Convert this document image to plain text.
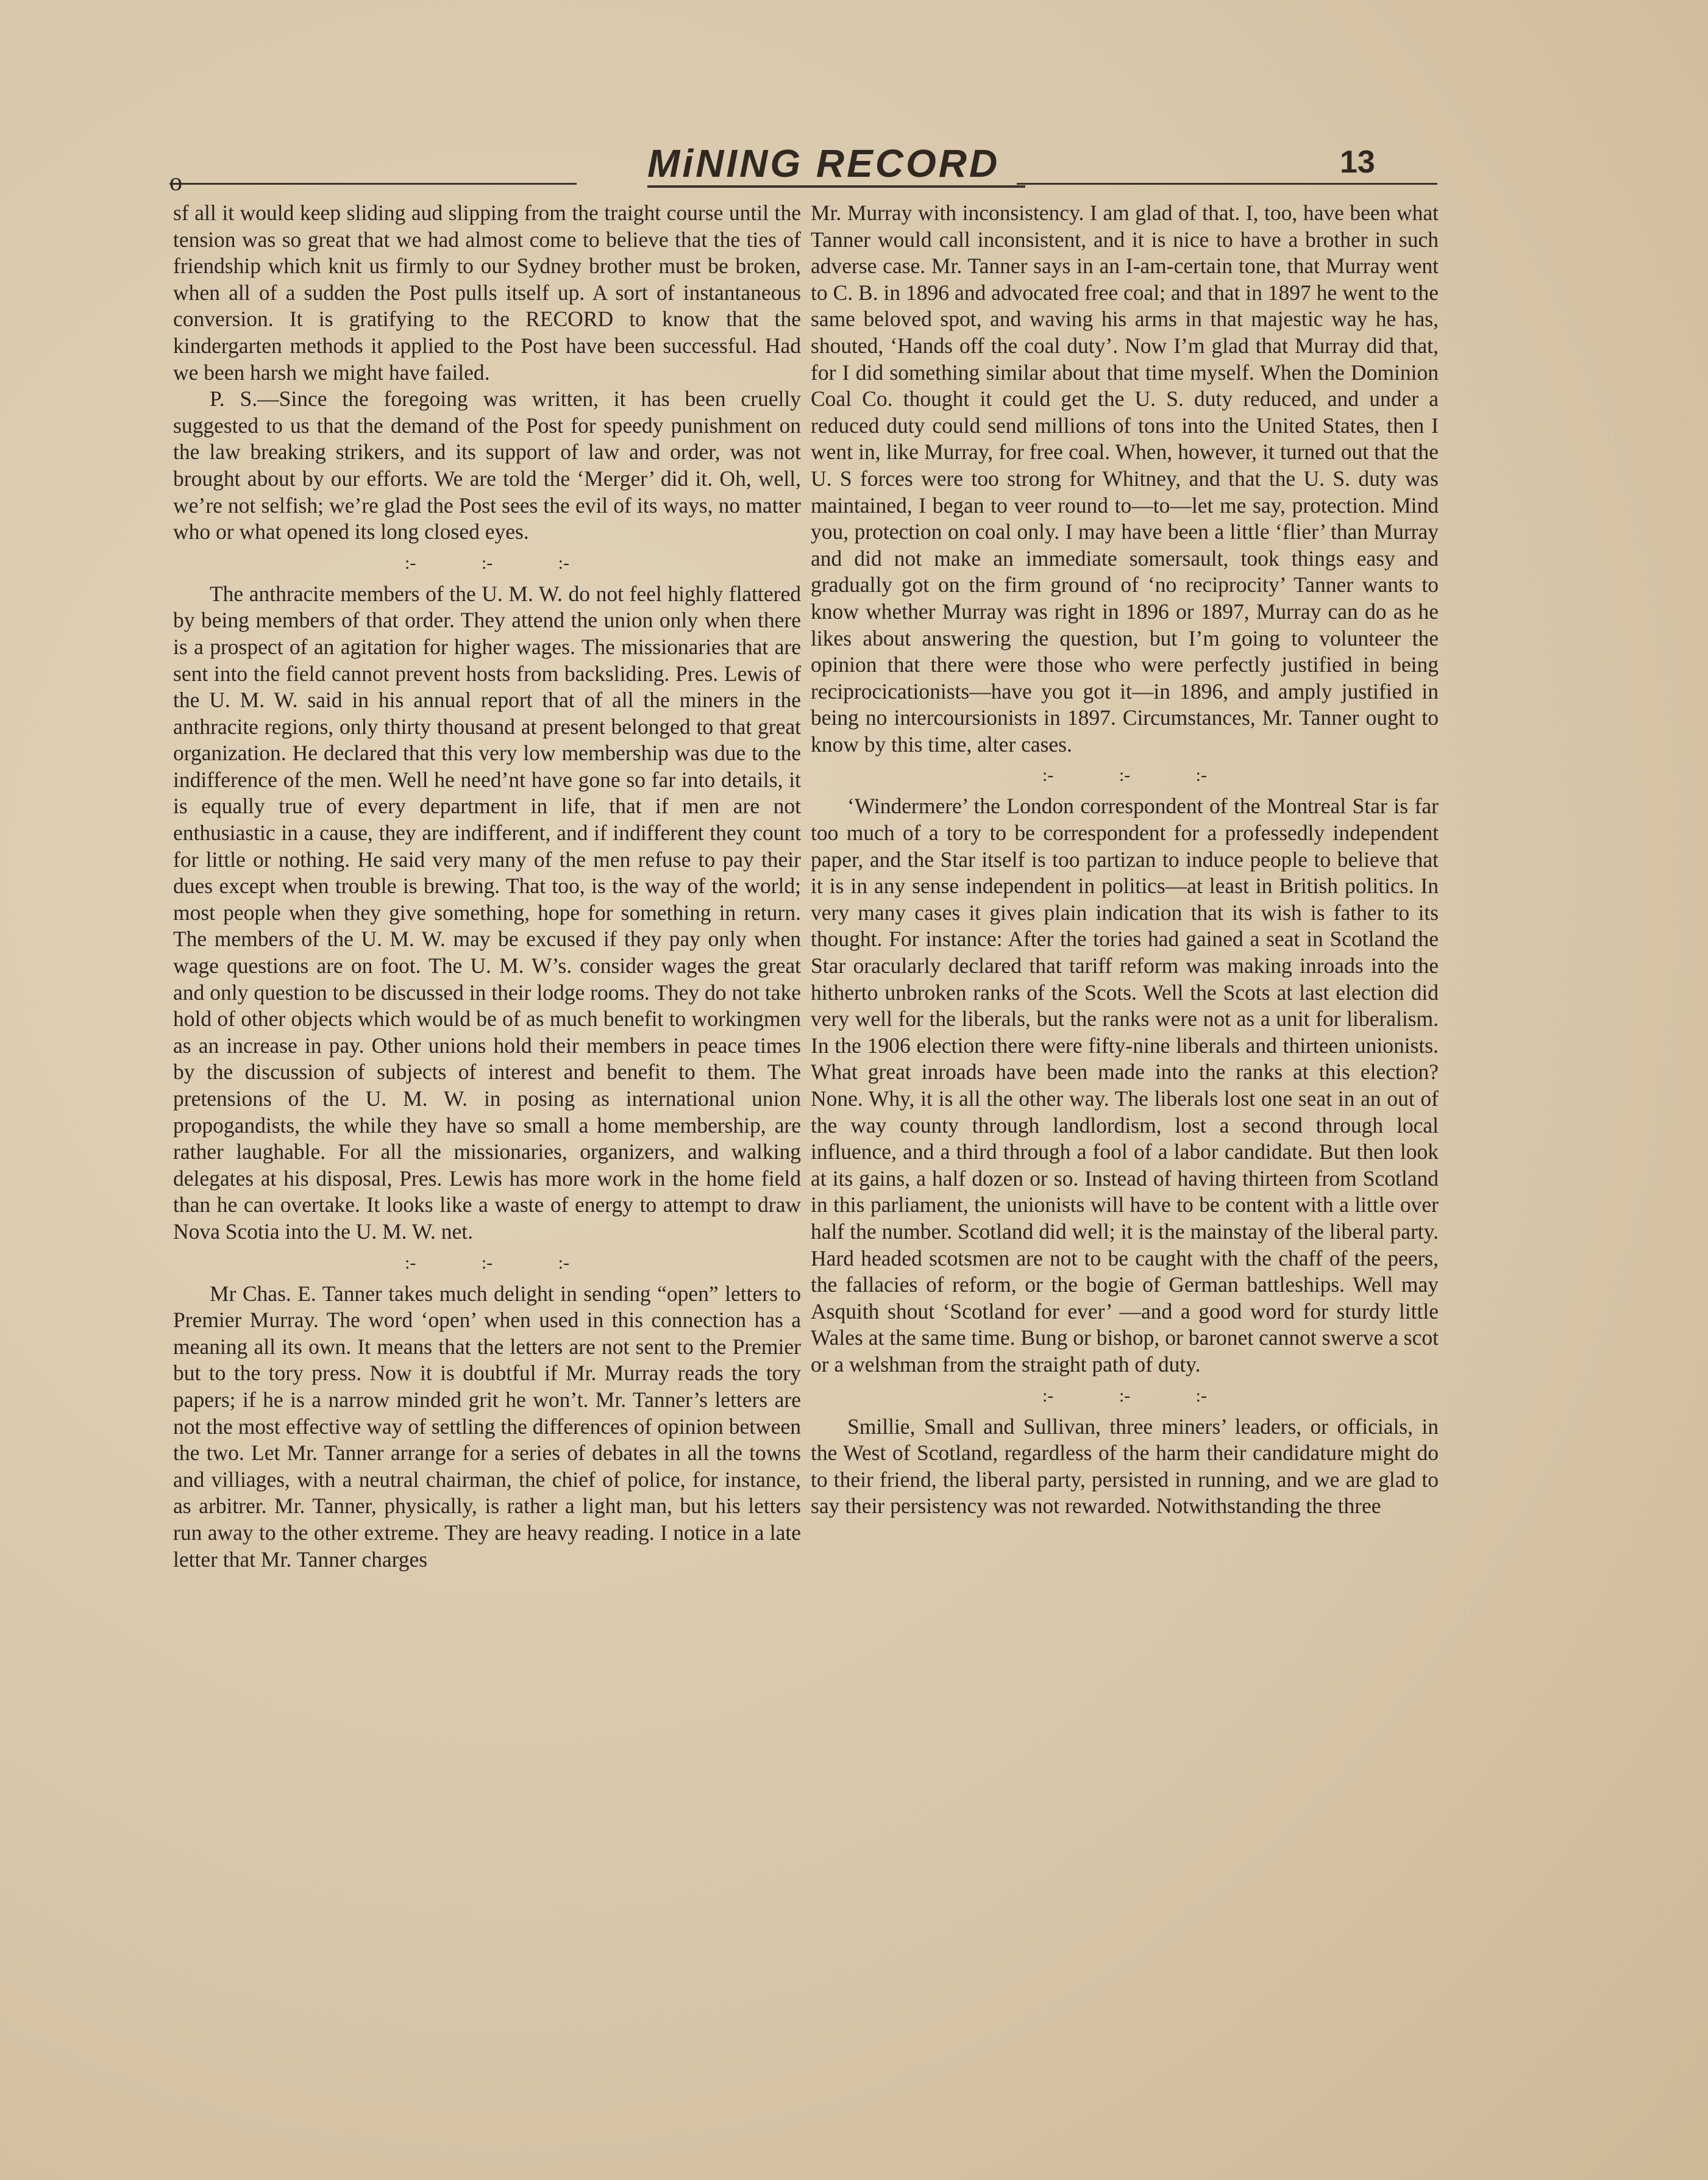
o	MiNING RECORD	13

sf all it would keep sliding aud slipping from the traight course until the tension was so great that we had almost come to believe that the ties of friendship which knit us firmly to our Sydney brother must be broken, when all of a sudden the Post pulls itself up. A sort of instantaneous conversion. It is gratifying to the RECORD to know that the kindergarten methods it applied to the Post have been successful. Had we been harsh we might have failed.

P. S.—Since the foregoing was written, it has been cruelly suggested to us that the demand of the Post for speedy punishment on the law breaking strikers, and its support of law and order, was not brought about by our efforts. We are told the ‘Merger’ did it. Oh, well, we’re not selfish; we’re glad the Post sees the evil of its ways, no matter who or what opened its long closed eyes.

:- :- :-

The anthracite members of the U. M. W. do not feel highly flattered by being members of that order. They attend the union only when there is a prospect of an agitation for higher wages. The missionaries that are sent into the field cannot prevent hosts from backsliding. Pres. Lewis of the U. M. W. said in his annual report that of all the miners in the anthracite regions, only thirty thousand at present belonged to that great organization. He declared that this very low membership was due to the indifference of the men. Well he need’nt have gone so far into details, it is equally true of every department in life, that if men are not enthusiastic in a cause, they are indifferent, and if indifferent they count for little or nothing. He said very many of the men refuse to pay their dues except when trouble is brewing. That too, is the way of the world; most people when they give something, hope for something in return. The members of the U. M. W. may be excused if they pay only when wage questions are on foot. The U. M. W’s. consider wages the great and only question to be discussed in their lodge rooms. They do not take hold of other objects which would be of as much benefit to workingmen as an increase in pay. Other unions hold their members in peace times by the discussion of subjects of interest and benefit to them. The pretensions of the U. M. W. in posing as international union propogandists, the while they have so small a home membership, are rather laughable. For all the missionaries, organizers, and walking delegates at his disposal, Pres. Lewis has more work in the home field than he can overtake. It looks like a waste of energy to attempt to draw Nova Scotia into the U. M. W. net.

:- :- :-

Mr Chas. E. Tanner takes much delight in sending “open” letters to Premier Murray. The word ‘open’ when used in this connection has a meaning all its own. It means that the letters are not sent to the Premier but to the tory press. Now it is doubtful if Mr. Murray reads the tory papers; if he is a narrow minded grit he won’t. Mr. Tanner’s letters are not the most effective way of settling the differences of opinion between the two. Let Mr. Tanner arrange for a series of debates in all the towns and villiages, with a neutral chairman, the chief of police, for instance, as arbitrer. Mr. Tanner, physically, is rather a light man, but his letters run away to the other extreme. They are heavy reading. I notice in a late letter that Mr. Tanner charges

Mr. Murray with inconsistency. I am glad of that. I, too, have been what Tanner would call inconsistent, and it is nice to have a brother in such adverse case. Mr. Tanner says in an I-am-certain tone, that Murray went to C. B. in 1896 and advocated free coal; and that in 1897 he went to the same beloved spot, and waving his arms in that majestic way he has, shouted, ‘Hands off the coal duty’. Now I’m glad that Murray did that, for I did something similar about that time myself. When the Dominion Coal Co. thought it could get the U. S. duty reduced, and under a reduced duty could send millions of tons into the United States, then I went in, like Murray, for free coal. When, however, it turned out that the U. S forces were too strong for Whitney, and that the U. S. duty was maintained, I began to veer round to—to—let me say, protection. Mind you, protection on coal only. I may have been a little ‘flier’ than Murray and did not make an immediate somersault, took things easy and gradually got on the firm ground of ‘no reciprocity’ Tanner wants to know whether Murray was right in 1896 or 1897, Murray can do as he likes about answering the question, but I’m going to volunteer the opinion that there were those who were perfectly justified in being reciprocicationists—have you got it—in 1896, and amply justified in being no intercoursionists in 1897. Circumstances, Mr. Tanner ought to know by this time, alter cases.

:- :- :-

‘Windermere’ the London correspondent of the Montreal Star is far too much of a tory to be correspondent for a professedly independent paper, and the Star itself is too partizan to induce people to believe that it is in any sense independent in politics—at least in British politics. In very many cases it gives plain indication that its wish is father to its thought. For instance: After the tories had gained a seat in Scotland the Star oracularly declared that tariff reform was making inroads into the hitherto unbroken ranks of the Scots. Well the Scots at last election did very well for the liberals, but the ranks were not as a unit for liberalism. In the 1906 election there were fifty-nine liberals and thirteen unionists. What great inroads have been made into the ranks at this election? None. Why, it is all the other way. The liberals lost one seat in an out of the way county through landlordism, lost a second through local influence, and a third through a fool of a labor candidate. But then look at its gains, a half dozen or so. Instead of having thirteen from Scotland in this parliament, the unionists will have to be content with a little over half the number. Scotland did well; it is the mainstay of the liberal party. Hard headed scotsmen are not to be caught with the chaff of the peers, the fallacies of reform, or the bogie of German battleships. Well may Asquith shout ‘Scotland for ever’ —and a good word for sturdy little Wales at the same time. Bung or bishop, or baronet cannot swerve a scot or a welshman from the straight path of duty.

:- :- :-

Smillie, Small and Sullivan, three miners’ leaders, or officials, in the West of Scotland, regardless of the harm their candidature might do to their friend, the liberal party, persisted in running, and we are glad to say their persistency was not rewarded. Notwithstanding the three
